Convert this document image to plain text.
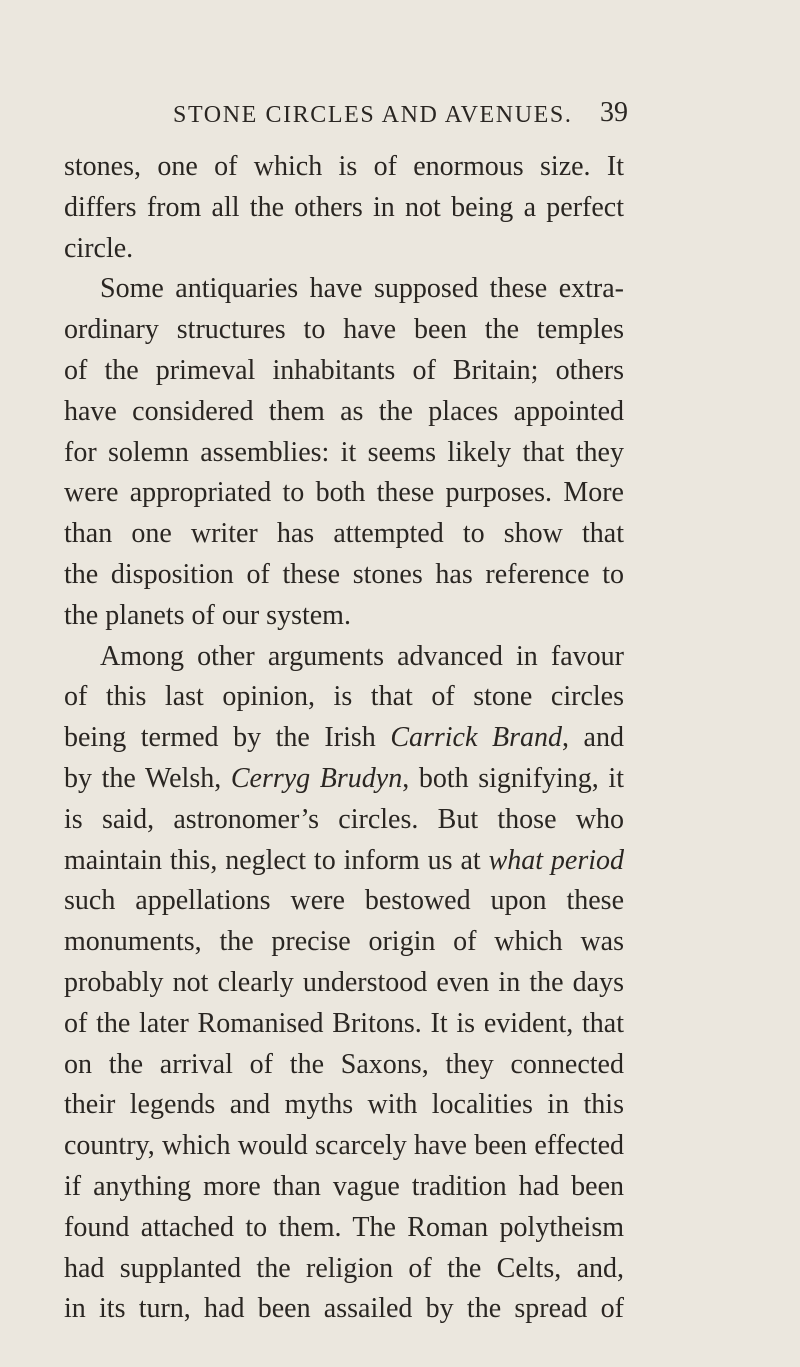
STONE CIRCLES AND AVENUES. 39
stones, one of which is of enormous size. It
differs from all the others in not being a perfect
circle.
Some antiquaries have supposed these extra-
ordinary structures to have been the temples
of the primeval inhabitants of Britain; others
have considered them as the places appointed
for solemn assemblies: it seems likely that they
were appropriated to both these purposes. More
than one writer has attempted to show that
the disposition of these stones has reference to
the planets of our system.
Among other arguments advanced in favour
of this last opinion, is that of stone circles
being termed by the Irish Carrick Brand, and
by the Welsh, Cerryg Brudyn, both signifying, it
is said, astronomer’s circles. But those who
maintain this, neglect to inform us at what period
such appellations were bestowed upon these
monuments, the precise origin of which was
probably not clearly understood even in the days
of the later Romanised Britons. It is evident, that
on the arrival of the Saxons, they connected
their legends and myths with localities in this
country, which would scarcely have been effected
if anything more than vague tradition had been
found attached to them. The Roman polytheism
had supplanted the religion of the Celts, and,
in its turn, had been assailed by the spread of
